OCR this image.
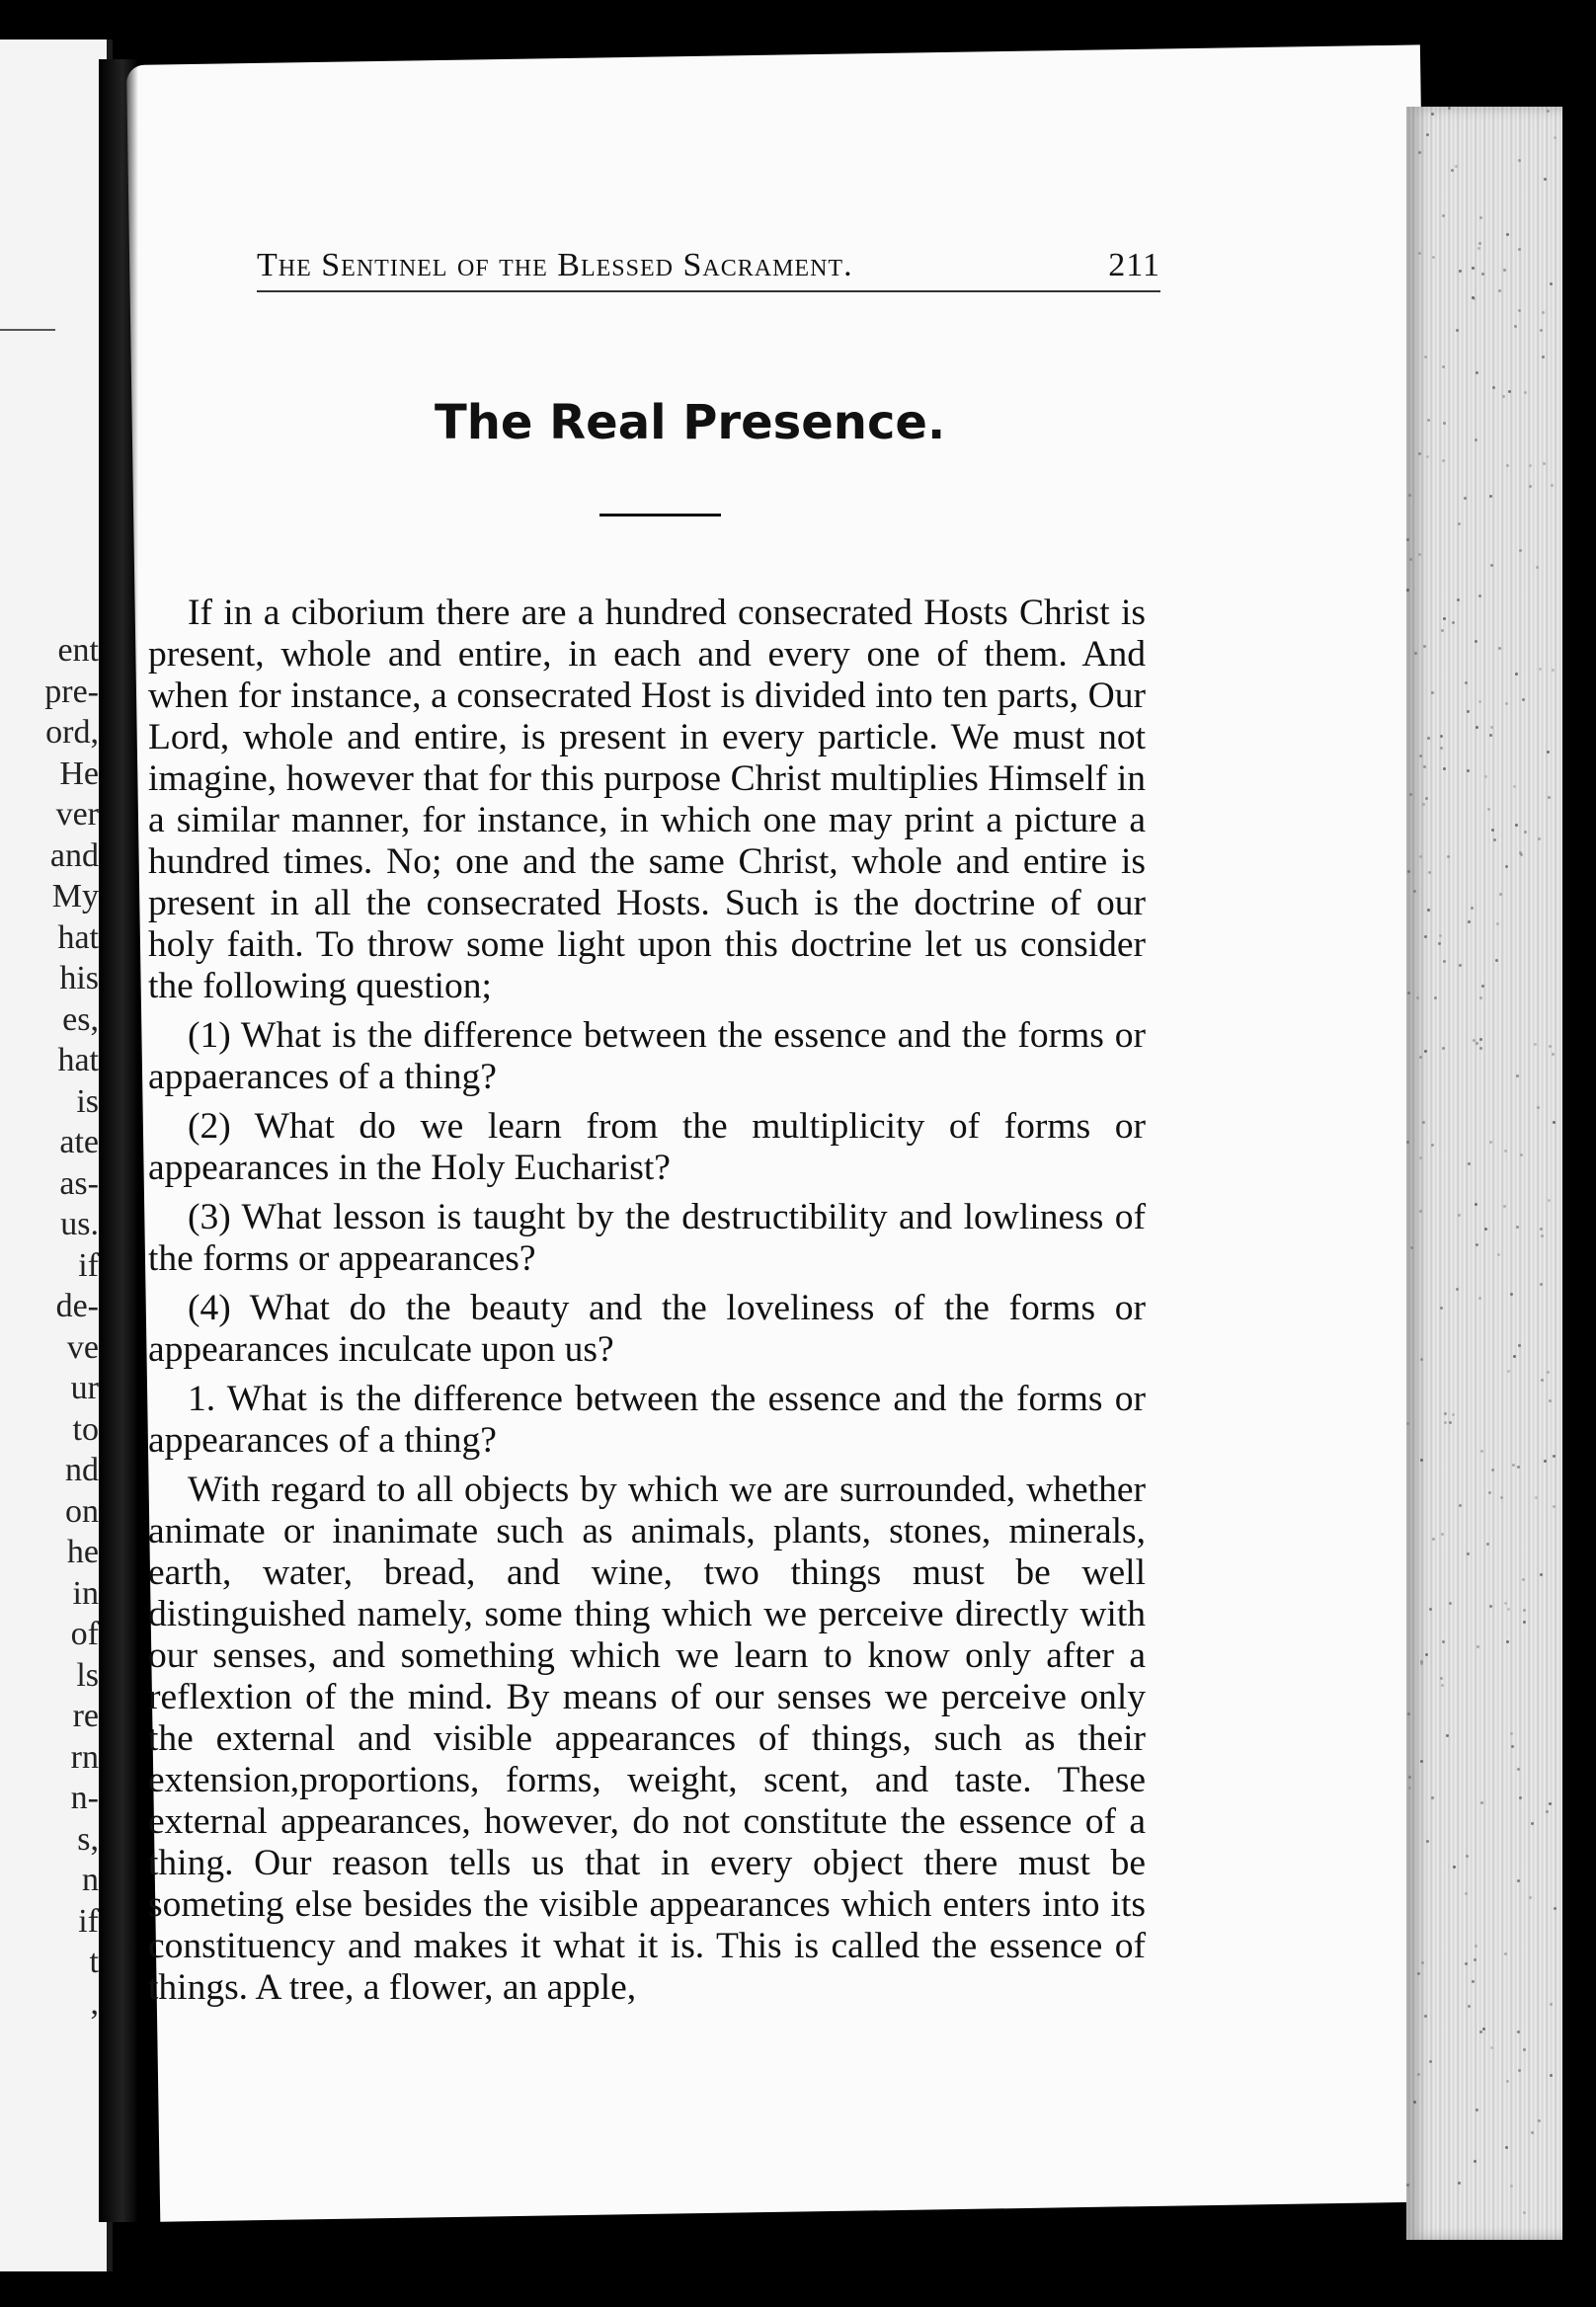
ent
pre-
ord,
He
ver
and
My
hat
his
es,
hat
is
ate
as-
us.
if
de-
ve
ur
to
nd
on
he
in
of
ls
re
rn
n-
s,
n
if
t
,
The Sentinel of the Blessed Sacrament.	211
The Real Presence.

If in a ciborium there are a hundred consecrated Hosts Christ is present, whole and entire, in each and every one of them. And when for instance, a consecrated Host is divided into ten parts, Our Lord, whole and entire, is present in every particle. We must not imagine, however that for this purpose Christ multiplies Himself in a similar manner, for instance, in which one may print a picture a hundred times. No; one and the same Christ, whole and entire is present in all the consecrated Hosts. Such is the doctrine of our holy faith. To throw some light upon this doctrine let us consider the following question;

(1) What is the difference between the essence and the forms or appaerances of a thing?

(2) What do we learn from the multiplicity of forms or appearances in the Holy Eucharist?

(3) What lesson is taught by the destructibility and lowliness of the forms or appearances?

(4) What do the beauty and the loveliness of the forms or appearances inculcate upon us?

1. What is the difference between the essence and the forms or appearances of a thing?

With regard to all objects by which we are surrounded, whether animate or inanimate such as animals, plants, stones, minerals, earth, water, bread, and wine, two things must be well distinguished namely, some thing which we perceive directly with our senses, and something which we learn to know only after a reflextion of the mind. By means of our senses we perceive only the external and visible appearances of things, such as their extension,proportions, forms, weight, scent, and taste. These external appearances, however, do not constitute the essence of a thing. Our reason tells us that in every object there must be someting else besides the visible appearances which enters into its constituency and makes it what it is. This is called the essence of things. A tree, a flower, an apple,
